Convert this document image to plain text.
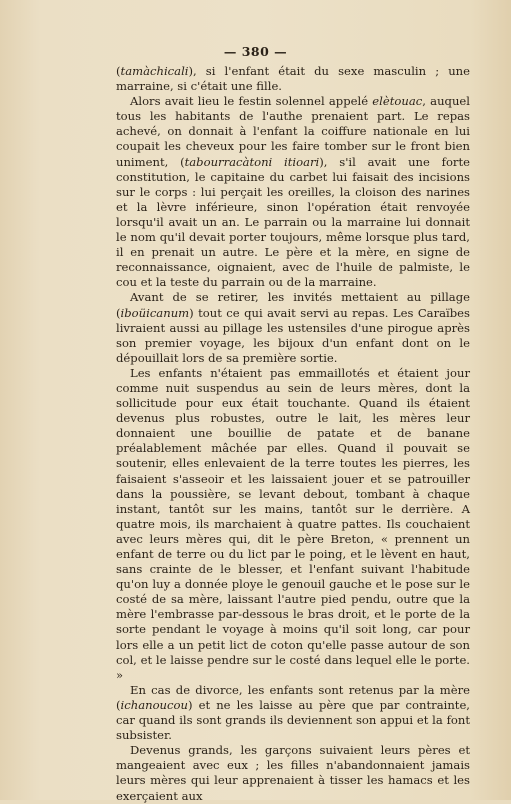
— 380 —

(tamàchicali), si l'enfant était du sexe masculin ; une marraine, si c'était une fille.

Alors avait lieu le festin solennel appelé elètouac, auquel tous les habitants de l'authe prenaient part. Le repas achevé, on donnait à l'enfant la coiffure nationale en lui coupait les cheveux pour les faire tomber sur le front bien uniment, (tabourracàtoni itioari), s'il avait une forte constitution, le capitaine du carbet lui faisait des incisions sur le corps : lui perçait les oreilles, la cloison des narines et la lèvre inférieure, sinon l'opération était renvoyée lorsqu'il avait un an. Le parrain ou la marraine lui donnait le nom qu'il devait porter toujours, même lorsque plus tard, il en prenait un autre. Le père et la mère, en signe de reconnaissance, oignaient, avec de l'huile de palmiste, le cou et la teste du parrain ou de la marraine.

Avant de se retirer, les invités mettaient au pillage (iboüicanum) tout ce qui avait servi au repas. Les Caraïbes livraient aussi au pillage les ustensiles d'une pirogue après son premier voyage, les bijoux d'un enfant dont on le dépouillait lors de sa première sortie.

Les enfants n'étaient pas emmaillotés et étaient jour comme nuit suspendus au sein de leurs mères, dont la sollicitude pour eux était touchante. Quand ils étaient devenus plus robustes, outre le lait, les mères leur donnaient une bouillie de patate et de banane préalablement mâchée par elles. Quand il pouvait se soutenir, elles enlevaient de la terre toutes les pierres, les faisaient s'asseoir et les laissaient jouer et se patrouiller dans la poussière, se levant debout, tombant à chaque instant, tantôt sur les mains, tantôt sur le derrière. A quatre mois, ils marchaient à quatre pattes. Ils couchaient avec leurs mères qui, dit le père Breton, « prennent un enfant de terre ou du lict par le poing, et le lèvent en haut, sans crainte de le blesser, et l'enfant suivant l'habitude qu'on luy a donnée ploye le genouil gauche et le pose sur le costé de sa mère, laissant l'autre pied pendu, outre que la mère l'embrasse par-dessous le bras droit, et le porte de la sorte pendant le voyage à moins qu'il soit long, car pour lors elle a un petit lict de coton qu'elle passe autour de son col, et le laisse pendre sur le costé dans lequel elle le porte. »

En cas de divorce, les enfants sont retenus par la mère (ichanoucou) et ne les laisse au père que par contrainte, car quand ils sont grands ils deviennent son appui et la font subsister.

Devenus grands, les garçons suivaient leurs pères et mangeaient avec eux ; les filles n'abandonnaient jamais leurs mères qui leur apprenaient à tisser les hamacs et les exerçaient aux
